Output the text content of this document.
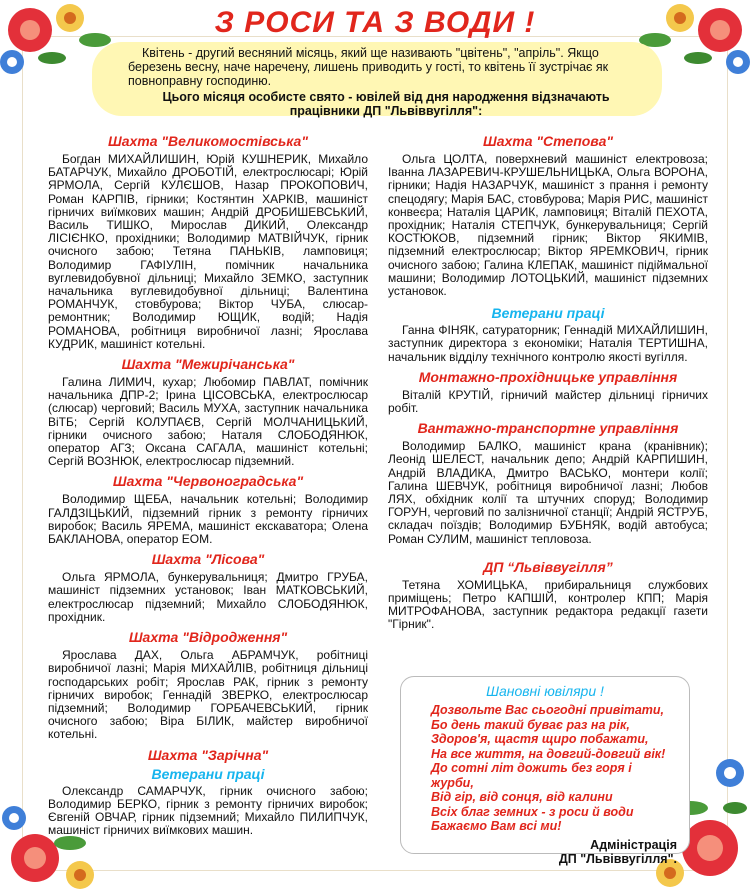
З РОСИ ТА З ВОДИ !

Квітень - другий весняний місяць, який ще називають "цвітень", "апріль". Якщо березень весну, наче наречену, лишень приводить у гості, то квітень її зустрічає як повноправну господиню.

Цього місяця особисте свято - ювілей від дня народження відзначають працівники ДП "Львіввугілля":

Шахта "Великомостівська"

Богдан МИХАЙЛИШИН, Юрій КУШНЕРИК, Михайло БАТАРЧУК, Михайло ДРОБОТІЙ, електрослюсарі; Юрій ЯРМОЛА, Сергій КУЛЄШОВ, Назар ПРОКОПОВИЧ, Роман КАРПІВ, гірники; Костянтин ХАРКІВ, машиніст гірничих виїмкових машин; Андрій ДРОБИШЕВСЬКИЙ, Василь ТИШКО, Мирослав ДИКИЙ, Олександр ЛІСІЄНКО, прохідники; Володимир МАТВІЙЧУК, гірник очисного забою; Тетяна ПАНЬКІВ, ламповиця; Володимир ГАФІУЛІН, помічник начальника вуглевидобувної дільниці; Михайло ЗЕМКО, заступник начальника вуглевидобувної дільниці; Валентина РОМАНЧУК, стовбурова; Віктор ЧУБА, слюсар-ремонтник; Володимир ЮЩИК, водій; Надія РОМАНОВА, робітниця виробничої лазні; Ярослава КУДРИК, машиніст котельні.

Шахта "Межирічанська"

Галина ЛИМИЧ, кухар; Любомир ПАВЛАТ, помічник начальника ДПР-2; Ірина ЦІСОВСЬКА, електрослюсар (слюсар) черговий; Василь МУХА, заступник начальника ВіТБ; Сергій КОЛУПАЄВ, Сергій МОЛЧАНИЦЬКИЙ, гірники очисного забою; Наталя СЛОБОДЯНЮК, оператор АГЗ; Оксана САГАЛА, машиніст котельні; Сергій ВОЗНЮК, електрослюсар підземний.

Шахта "Червоноградська"

Володимир ЩЕБА, начальник котельні; Володимир ГАЛДЗІЦЬКИЙ, підземний гірник з ремонту гірничих виробок; Василь ЯРЕМА, машиніст екскаватора; Олена БАКЛАНОВА, оператор ЕОМ.

Шахта "Лісова"

Ольга ЯРМОЛА, бункерувальниця; Дмитро ГРУБА, машиніст підземних установок; Іван МАТКОВСЬКИЙ, електрослюсар підземний; Михайло СЛОБОДЯНЮК, прохідник.

Шахта "Відродження"

Ярослава ДАХ, Ольга АБРАМЧУК, робітниці виробничої лазні; Марія МИХАЙЛІВ, робітниця дільниці господарських робіт; Ярослав РАК, гірник з ремонту гірничих виробок; Геннадій ЗВЕРКО, електрослюсар підземний; Володимир ГОРБАЧЕВСЬКИЙ, гірник очисного забою; Віра БІЛИК, майстер виробничої котельні.

Шахта "Зарічна"
Ветерани праці

Олександр САМАРЧУК, гірник очисного забою; Володимир БЕРКО, гірник з ремонту гірничих виробок; Євгеній ОВЧАР, гірник підземний; Михайло ПИЛИПЧУК, машиніст гірничих виїмкових машин.

Шахта "Степова"

Ольга ЦОЛТА, поверхневий машиніст електровоза; Іванна ЛАЗАРЕВИЧ-КРУШЕЛЬНИЦЬКА, Ольга ВОРОНА, гірники; Надія НАЗАРЧУК, машиніст з прання і ремонту спецодягу; Марія БАС, стовбурова; Марія РИС, машиніст конвеєра; Наталія ЦАРИК, ламповиця; Віталій ПЕХОТА, прохідник; Наталія СТЕПЧУК, бункерувальниця; Сергій КОСТЮКОВ, підземний гірник; Віктор ЯКИМІВ, підземний електрослюсар; Віктор ЯРЕМКОВИЧ, гірник очисного забою; Галина КЛЕПАК, машиніст підіймальної машини; Володимир ЛОТОЦЬКИЙ, машиніст підземних установок.

Ветерани праці

Ганна ФІНЯК, сатураторник; Геннадій МИХАЙЛИШИН, заступник директора з економіки; Наталія ТЕРТИШНА, начальник відділу технічного контролю якості вугілля.

Монтажно-прохідницьке управління

Віталій КРУТІЙ, гірничий майстер дільниці гірничих робіт.

Вантажно-транспортне управління

Володимир БАЛКО, машиніст крана (кранівник); Леонід ШЕЛЕСТ, начальник депо; Андрій КАРПИШИН, Андрій ВЛАДИКА, Дмитро ВАСЬКО, монтери колії; Галина ШЕВЧУК, робітниця виробничої лазні; Любов ЛЯХ, обхідник колії та штучних споруд; Володимир ГОРУН, черговий по залізничної станції; Андрій ЯСТРУБ, складач поїздів; Володимир БУБНЯК, водій автобуса; Роман СУЛИМ, машиніст тепловоза.

ДП “Львіввугілля”

Тетяна ХОМИЦЬКА, прибиральниця службових приміщень; Петро КАПШІЙ, контролер КПП; Марія МИТРОФАНОВА, заступник редактора редакції газети "Гірник".

Шановні ювіляри !
Дозвольте Вас сьогодні привітати,
Бо день такий буває раз на рік,
Здоров'я, щастя щиро побажати,
На все життя, на довгий-довгий вік!
До сотні літ дожить без горя і журби,
Від гір, від сонця, від калини
Всіх благ земних - з роси й води
Бажаємо Вам всі ми!
Адміністрація
ДП "Львіввугілля".
